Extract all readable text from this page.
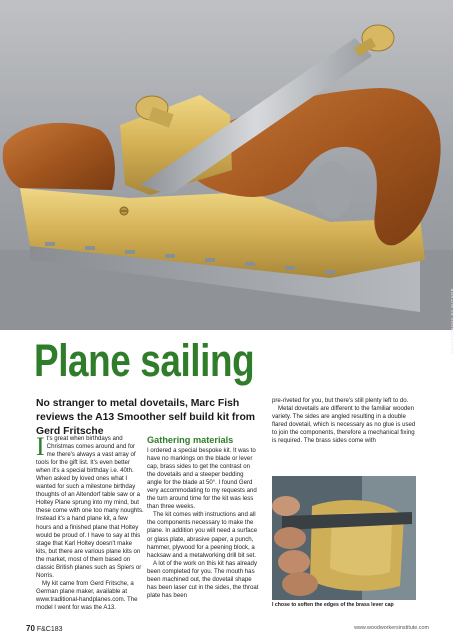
PHOTOGRAPHS BY AUTHOR
Plane sailing

No stranger to metal dovetails, Marc Fish reviews the A13 Smoother self build kit from Gerd Fritsche

It's great when birthdays and Christmas comes around and for me there's always a vast array of tools for the gift list. It's even better when it's a special birthday i.e. 40th. When asked by loved ones what I wanted for such a milestone birthday thoughts of an Altendorf table saw or a Holtey Plane sprung into my mind, but these come with one too many noughts. Instead it's a hand plane kit, a few hours and a finished plane that Holtey would be proud of. I have to say at this stage that Karl Holtey doesn't make kits, but there are various plane kits on the market, most of them based on classic British planes such as Spiers or Norris.

My kit came from Gerd Fritsche, a German plane maker, available at www.traditional-handplanes.com. The model I went for was the A13.

Gathering materials

I ordered a special bespoke kit. It was to have no markings on the blade or lever cap, brass sides to get the contrast on the dovetails and a steeper bedding angle for the blade at 50°. I found Gerd very accommodating to my requests and the turn around time for the kit was less than three weeks.

The kit comes with instructions and all the components necessary to make the plane. In addition you will need a surface or glass plate, abrasive paper, a punch, hammer, plywood for a peening block, a hacksaw and a metalworking drill bit set.

A lot of the work on this kit has already been completed for you. The mouth has been machined out, the dovetail shape has been laser cut in the sides, the throat plate has been

pre-riveted for you, but there's still plenty left to do.

Metal dovetails are different to the familiar wooden variety. The sides are angled resulting in a double flared dovetail, which is necessary as no glue is used to join the components, therefore a mechanical fixing is required. The brass sides come with

I chose to soften the edges of the brass lever cap
70 F&C183	www.woodworkersinstitute.com
